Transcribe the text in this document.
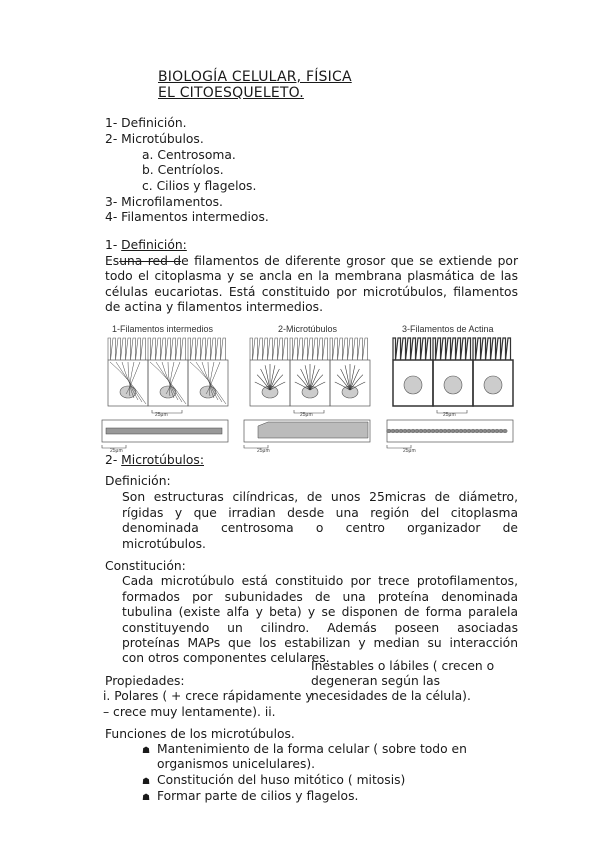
BIOLOGÍA CELULAR, FÍSICA
EL CITOESQUELETO.
1- Definición.
2- Microtúbulos.
a. Centrosoma.
b. Centríolos.
c. Cilios y flagelos.
3- Microfilamentos.
4- Filamentos intermedios.
1- Definición:
Esuna red de filamentos de diferente grosor que se extiende por
todo el citoplasma y se ancla en la membrana plasmática de las
células eucariotas. Está constituido por microtúbulos, filamentos
de actina y filamentos intermedios.
1-Filamentos intermedios	2-Microtúbulos	3-Filamentos de Actina
25μm	25μm	25μm
25μm	25μm	25μm
2- Microtúbulos:
Definición:
Son estructuras cilíndricas, de unos 25micras de diámetro,
rígidas y que irradian desde una región del citoplasma
denominada centrosoma o centro organizador de
microtúbulos.
Constitución:
Cada microtúbulo está constituido por trece protofilamentos,
formados por subunidades de una proteína denominada
tubulina (existe alfa y beta) y se disponen de forma paralela
constituyendo un cilindro. Además poseen asociadas
proteínas MAPs que los estabilizan y median su interacción
con otros componentes celulares.
Inestables o lábiles ( crecen o
Propiedades:	degeneran según las
i. Polares ( + crece rápidamente y
necesidades de la célula).
– crece muy lentamente). ii.
Funciones de los microtúbulos.
☗ Mantenimiento de la forma celular ( sobre todo en
organismos unicelulares).
☗ Constitución del huso mitótico ( mitosis)
☗ Formar parte de cilios y flagelos.
